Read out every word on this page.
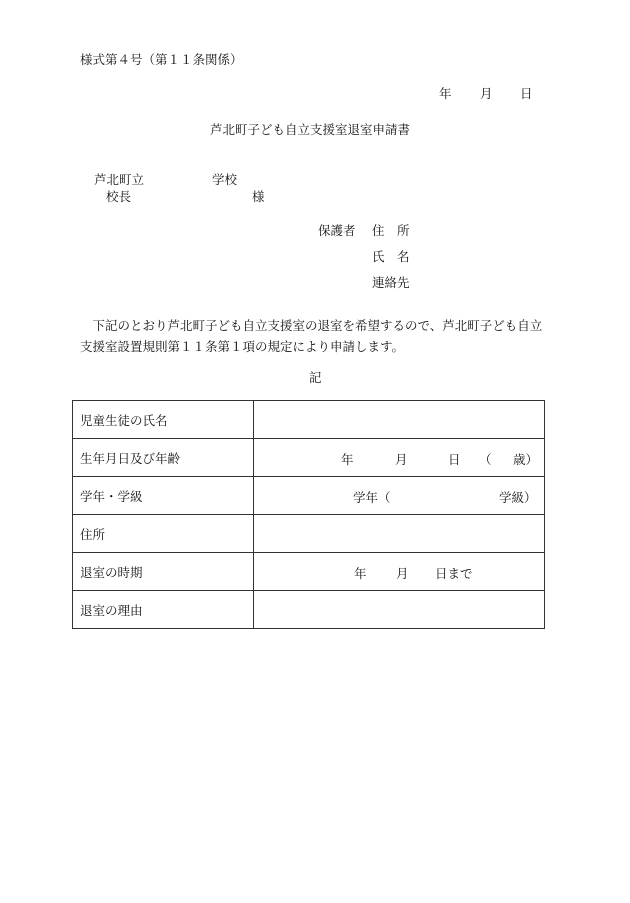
様式第４号（第１１条関係）
年 月 日
芦北町子ども自立支援室退室申請書
芦北町立	学校
校長	様
保護者 住　所
氏　名
連絡先
下記のとおり芦北町子ども自立支援室の退室を希望するので、芦北町子ども自立支援室設置規則第１１条第１項の規定により申請します。
記
児童生徒の氏名	
生年月日及び年齢	年 月 日 （ 歳）

学年・学級	学年（ 学級）

住所	
退室の時期	年 月 日まで

退室の理由	
